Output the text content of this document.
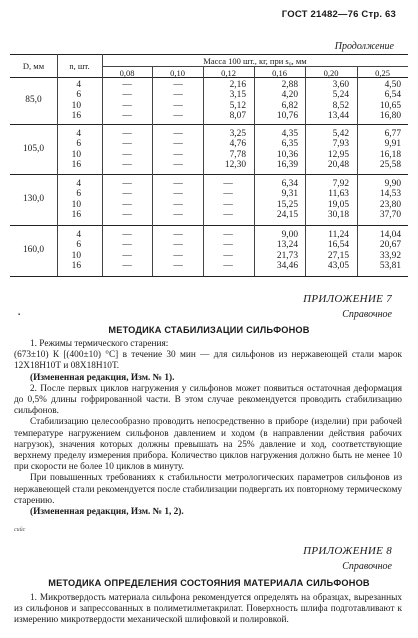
ГОСТ 21482—76 Стр. 63
Продолжение
D, мм	n, шт.	Масса 100 шт., кг, при s₀, мм
0,08	0,10	0,12	0,16	0,20	0,25
85,0
4	—	—	2,16	2,88	3,60	4,50
6	—	—	3,15	4,20	5,24	6,54
10	—	—	5,12	6,82	8,52	10,65
16	—	—	8,07	10,76	13,44	16,80
105,0
4	—	—	3,25	4,35	5,42	6,77
6	—	—	4,76	6,35	7,93	9,91
10	—	—	7,78	10,36	12,95	16,18
16	—	—	12,30	16,39	20,48	25,58
130,0
4	—	—	—	6,34	7,92	9,90
6	—	—	—	9,31	11,63	14,53
10	—	—	—	15,25	19,05	23,80
16	—	—	—	24,15	30,18	37,70
160,0
4	—	—	—	9,00	11,24	14,04
6	—	—	—	13,24	16,54	20,67
10	—	—	—	21,73	27,15	33,92
16	—	—	—	34,46	43,05	53,81
ПРИЛОЖЕНИЕ 7
Справочное
МЕТОДИКА СТАБИЛИЗАЦИИ СИЛЬФОНОВ
▪

1. Режимы термического старения:

(673±10) К [(400±10) °С] в течение 30 мин — для сильфонов из нержавеющей стали марок 12Х18Н10Т и 08Х18Н10Т.

(Измененная редакция, Изм. № 1).

2. После первых циклов нагружения у сильфонов может появиться остаточная деформация до 0,5% длины гофрированной части. В этом случае рекомендуется проводить стабилизацию сильфонов.

Стабилизацию целесообразно проводить непосредственно в приборе (изделии) при рабочей температуре нагружением сильфонов давлением и ходом (в направлении действия рабочих нагрузок), значения которых должны превышать на 25% давление и ход, соответствующие верхнему пределу измерения прибора. Количество циклов нагружения должно быть не менее 10 при скорости не более 10 циклов в минуту.

При повышенных требованиях к стабильности метрологических параметров сильфонов из нержавеющей стали рекомендуется после стабилизации подвергать их повторному термическому старению.

(Измененная редакция, Изм. № 1, 2).

сийс
ПРИЛОЖЕНИЕ 8
Справочное
МЕТОДИКА ОПРЕДЕЛЕНИЯ СОСТОЯНИЯ МАТЕРИАЛА СИЛЬФОНОВ

1. Микротвердость материала сильфона рекомендуется определять на образцах, вырезанных из сильфонов и запрессованных в полиметилметакрилат. Поверхность шлифа подготавливают к измерению микротвердости механической шлифовкой и полировкой.
